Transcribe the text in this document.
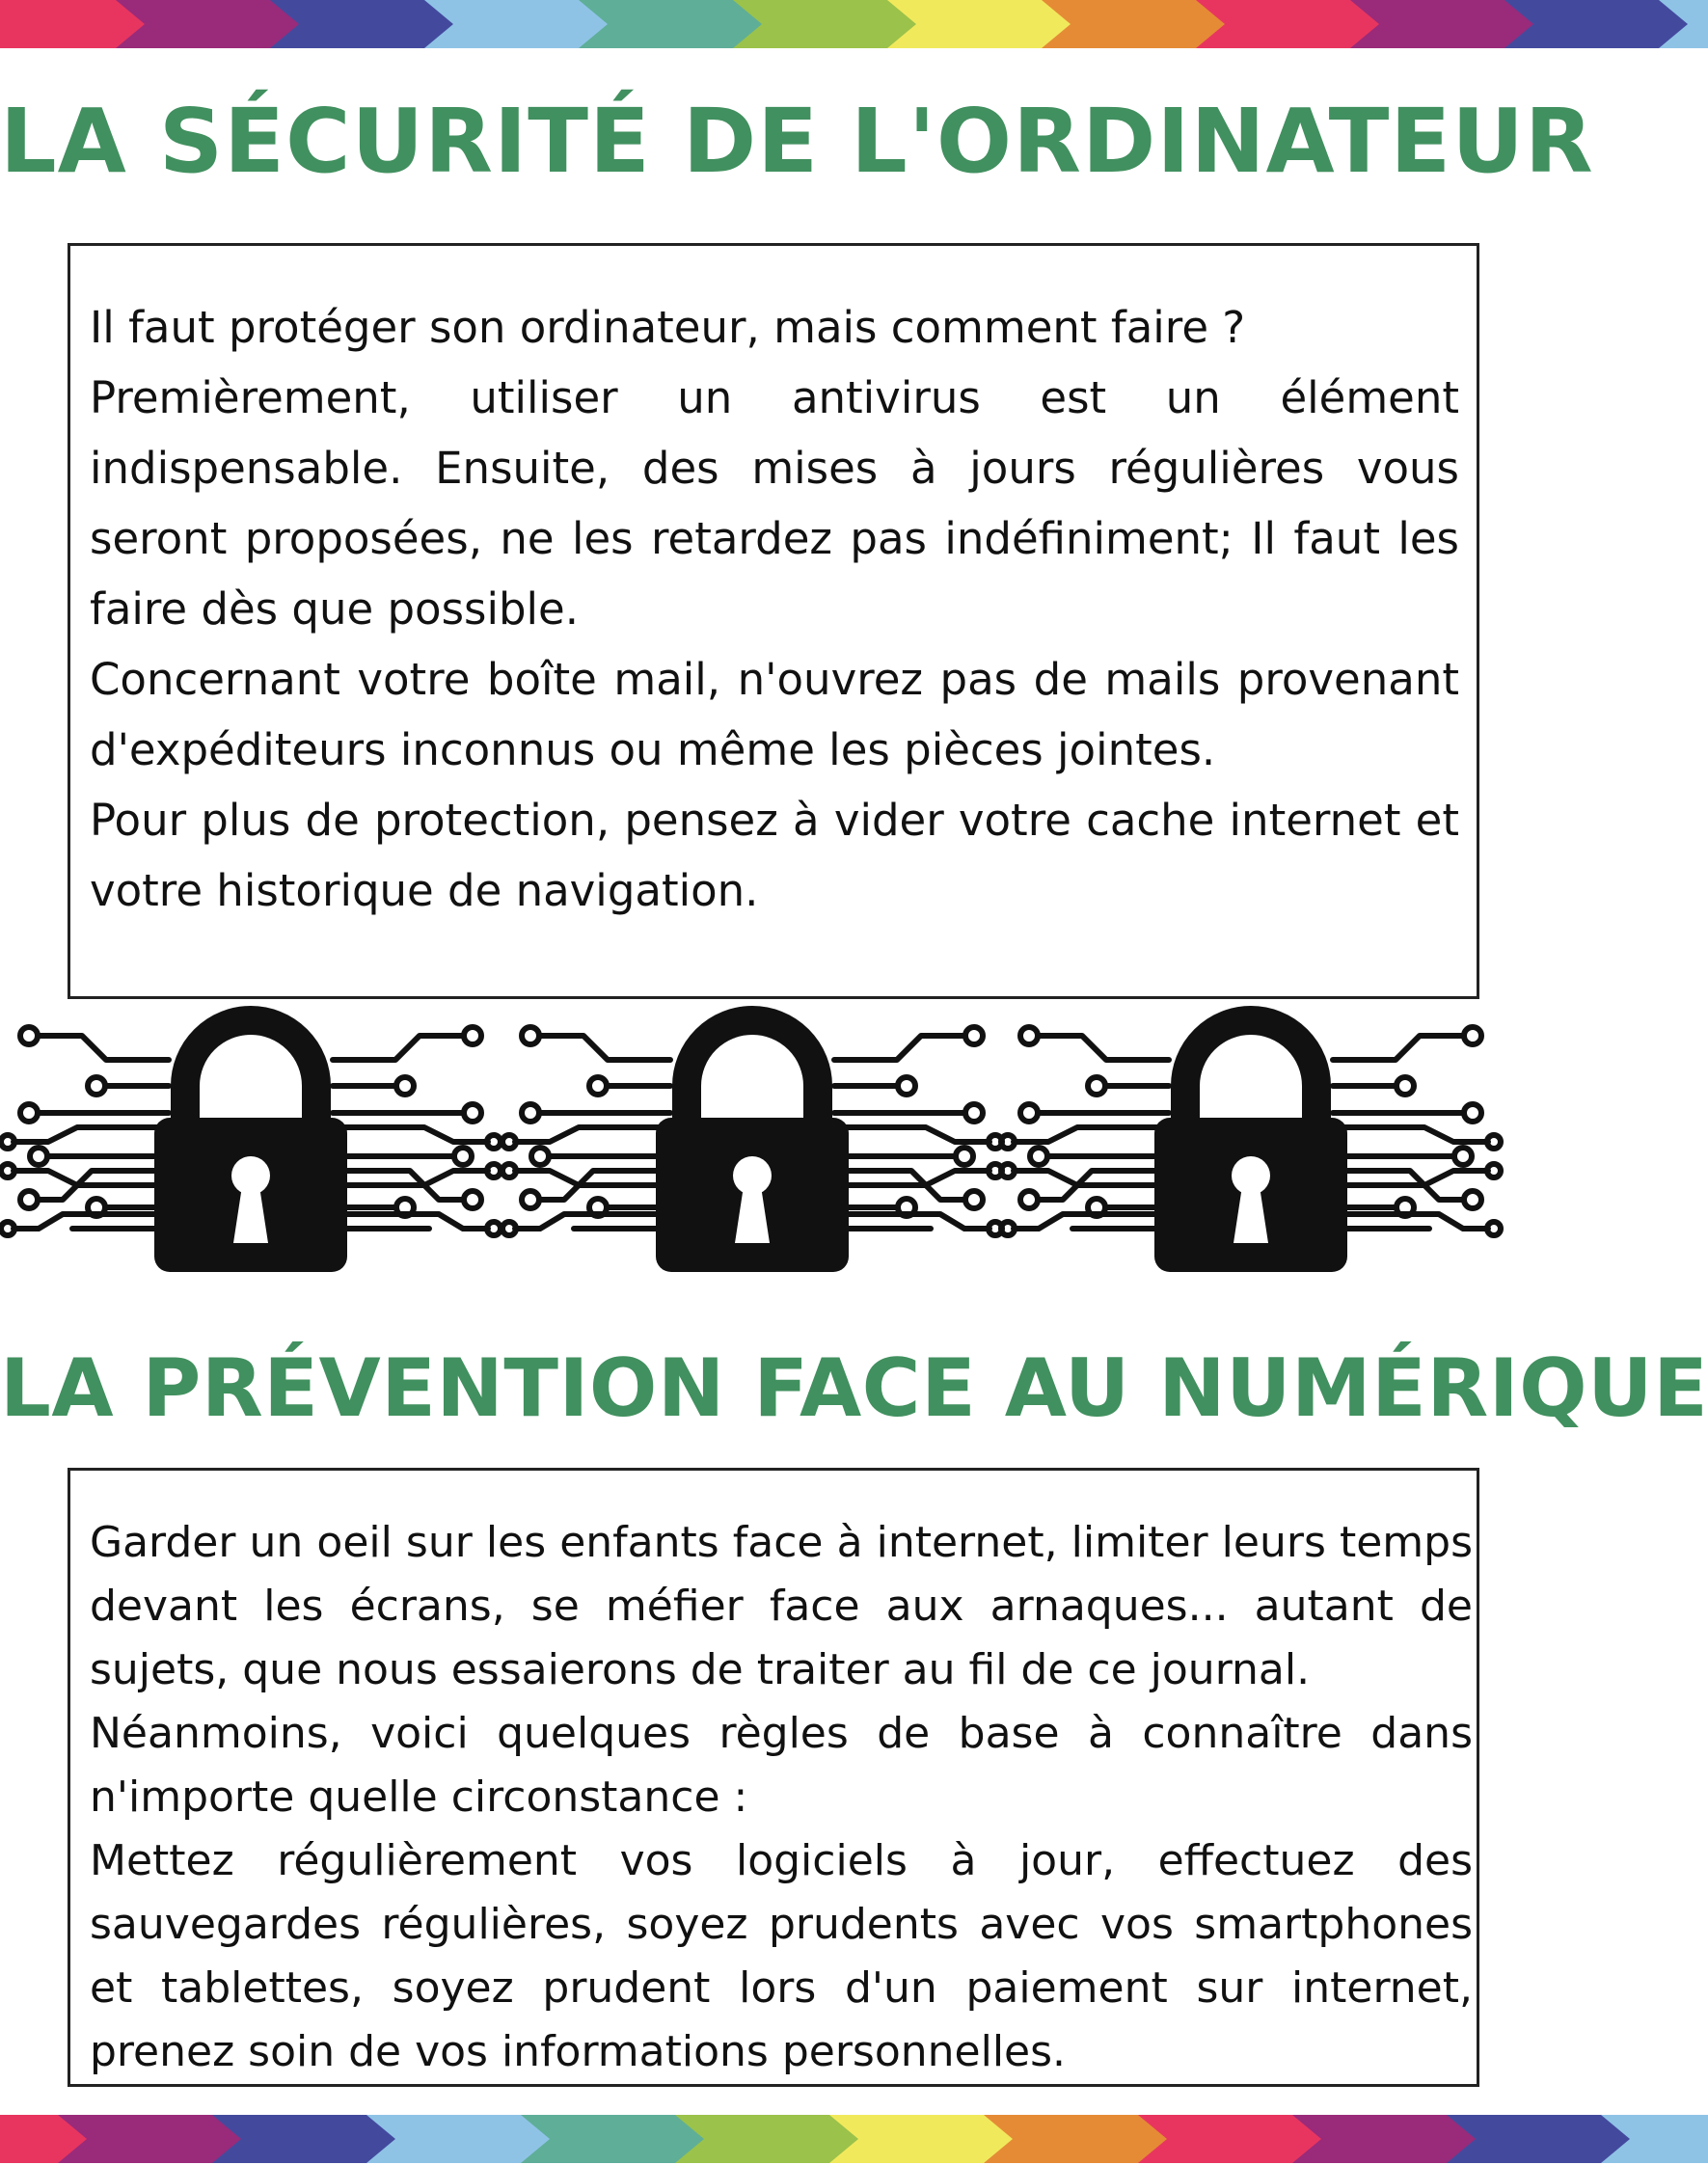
LA SÉCURITÉ DE L'ORDINATEUR

Il faut protéger son ordinateur, mais comment faire ?

Premièrement, utiliser un antivirus est un élément indispensable. Ensuite, des mises à jours régulières vous seront proposées, ne les retardez pas indéfiniment; Il faut les faire dès que possible.

Concernant votre boîte mail, n'ouvrez pas de mails provenant d'expéditeurs inconnus ou même les pièces jointes.

Pour plus de protection, pensez à vider votre cache internet et votre historique de navigation.

LA PRÉVENTION FACE AU NUMÉRIQUE

Garder un oeil sur les enfants face à internet, limiter leurs temps devant les écrans, se méfier face aux arnaques... autant de sujets, que nous essaierons de traiter au fil de ce journal.

Néanmoins, voici quelques règles de base à connaître dans n'importe quelle circonstance :

Mettez régulièrement vos logiciels à jour, effectuez des sauvegardes régulières, soyez prudents avec vos smartphones et tablettes, soyez prudent lors d'un paiement sur internet, prenez soin de vos informations personnelles.
